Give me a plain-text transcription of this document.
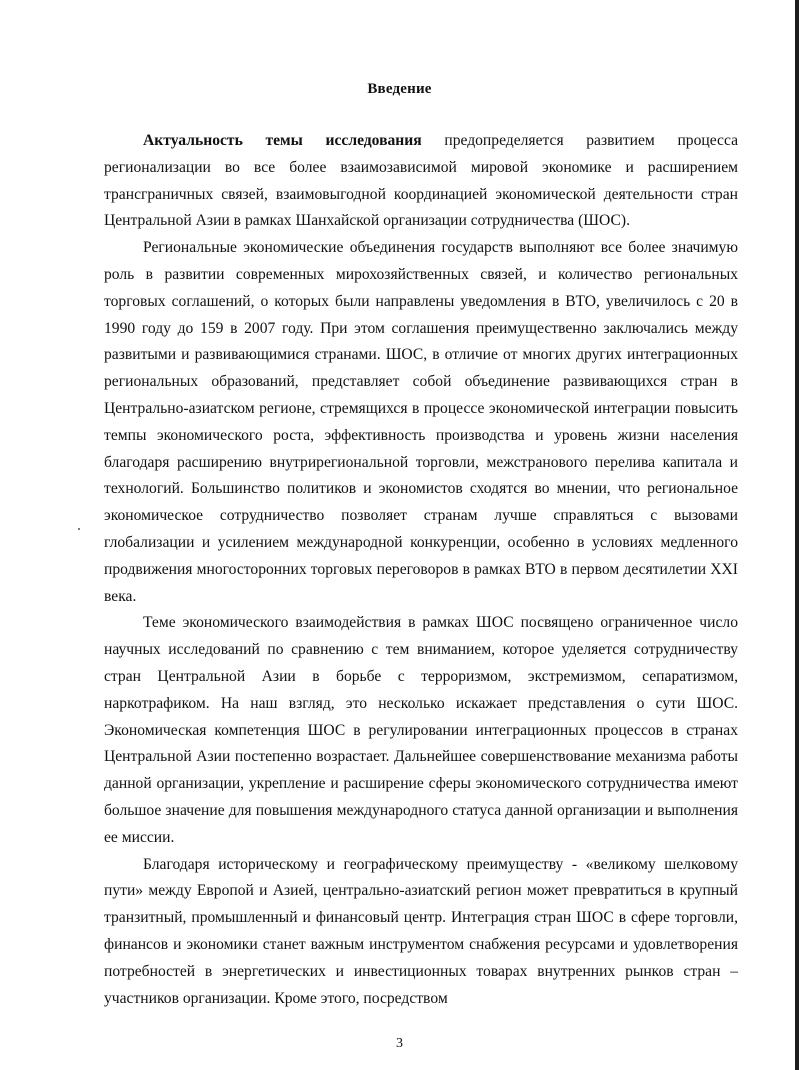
Введение

Актуальность темы исследования предопределяется развитием процесса регионализации во все более взаимозависимой мировой экономике и расширением трансграничных связей, взаимовыгодной координацией экономической деятельности стран Центральной Азии в рамках Шанхайской организации сотрудничества (ШОС).

Региональные экономические объединения государств выполняют все более значимую роль в развитии современных мирохозяйственных связей, и количество региональных торговых соглашений, о которых были направлены уведомления в ВТО, увеличилось с 20 в 1990 году до 159 в 2007 году. При этом соглашения преимущественно заключались между развитыми и развивающимися странами. ШОС, в отличие от многих других интеграционных региональных образований, представляет собой объединение развивающихся стран в Центрально-азиатском регионе, стремящихся в процессе экономической интеграции повысить темпы экономического роста, эффективность производства и уровень жизни населения благодаря расширению внутрирегиональной торговли, межстранового перелива капитала и технологий. Большинство политиков и экономистов сходятся во мнении, что региональное экономическое сотрудничество позволяет странам лучше справляться с вызовами глобализации и усилением международной конкуренции, особенно в условиях медленного продвижения многосторонних торговых переговоров в рамках ВТО в первом десятилетии XXI века.

Теме экономического взаимодействия в рамках ШОС посвящено ограниченное число научных исследований по сравнению с тем вниманием, которое уделяется сотрудничеству стран Центральной Азии в борьбе с терроризмом, экстремизмом, сепаратизмом, наркотрафиком. На наш взгляд, это несколько искажает представления о сути ШОС. Экономическая компетенция ШОС в регулировании интеграционных процессов в странах Центральной Азии постепенно возрастает. Дальнейшее совершенствование механизма работы данной организации, укрепление и расширение сферы экономического сотрудничества имеют большое значение для повышения международного статуса данной организации и выполнения ее миссии.

Благодаря историческому и географическому преимуществу - «великому шелковому пути» между Европой и Азией, центрально-азиатский регион может превратиться в крупный транзитный, промышленный и финансовый центр. Интеграция стран ШОС в сфере торговли, финансов и экономики станет важным инструментом снабжения ресурсами и удовлетворения потребностей в энергетических и инвестиционных товарах внутренних рынков стран – участников организации. Кроме этого, посредством

3
